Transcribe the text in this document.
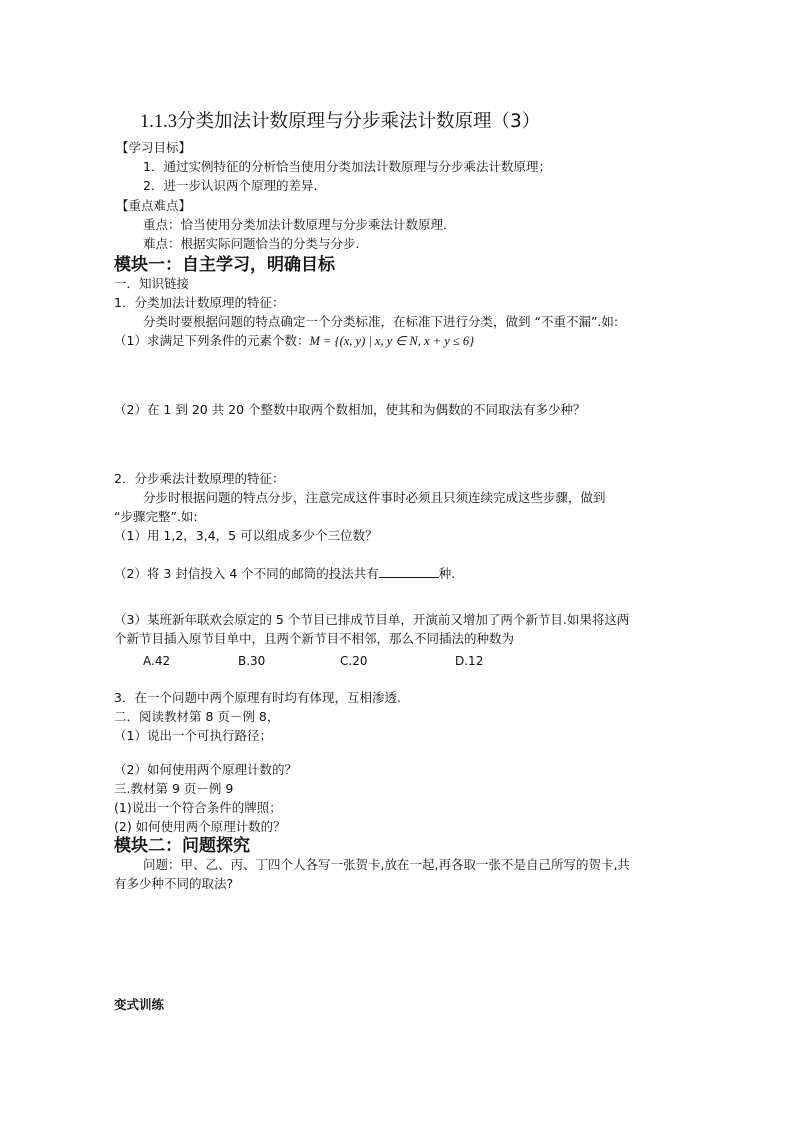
1.1.3分类加法计数原理与分步乘法计数原理（3）
【学习目标】
1．通过实例特征的分析恰当使用分类加法计数原理与分步乘法计数原理；
2．进一步认识两个原理的差异.
【重点难点】
重点：恰当使用分类加法计数原理与分步乘法计数原理．
难点：根据实际问题恰当的分类与分步.
模块一：自主学习，明确目标
一．知识链接
1．分类加法计数原理的特征：
分类时要根据问题的特点确定一个分类标准，在标准下进行分类，做到 “不重不漏”.如:
（1）求满足下列条件的元素个数：M = {(x, y) | x, y ∈ N, x + y ≤ 6}
（2）在 1 到 20 共 20 个整数中取两个数相加，使其和为偶数的不同取法有多少种？
2．分步乘法计数原理的特征：
分步时根据问题的特点分步，注意完成这件事时必须且只须连续完成这些步骤，做到
“步骤完整”.如:
（1）用 1,2，3,4，5 可以组成多少个三位数？
（2）将 3 封信投入 4 个不同的邮筒的投法共有	种.
（3）某班新年联欢会原定的 5 个节目已排成节目单，开演前又增加了两个新节目.如果将这两
个新节目插入原节目单中，且两个新节目不相邻，那么不同插法的种数为
A.42	B.30	C.20	D.12
3．在一个问题中两个原理有时均有体现，互相渗透.
二．阅读教材第 8 页－例 8，
（1）说出一个可执行路径；
（2）如何使用两个原理计数的？
三.教材第 9 页－例 9
(1)说出一个符合条件的牌照；
(2) 如何使用两个原理计数的？
模块二：问题探究
问题：甲、乙、丙、丁四个人各写一张贺卡,放在一起,再各取一张不是自己所写的贺卡,共
有多少种不同的取法?
变式训练
